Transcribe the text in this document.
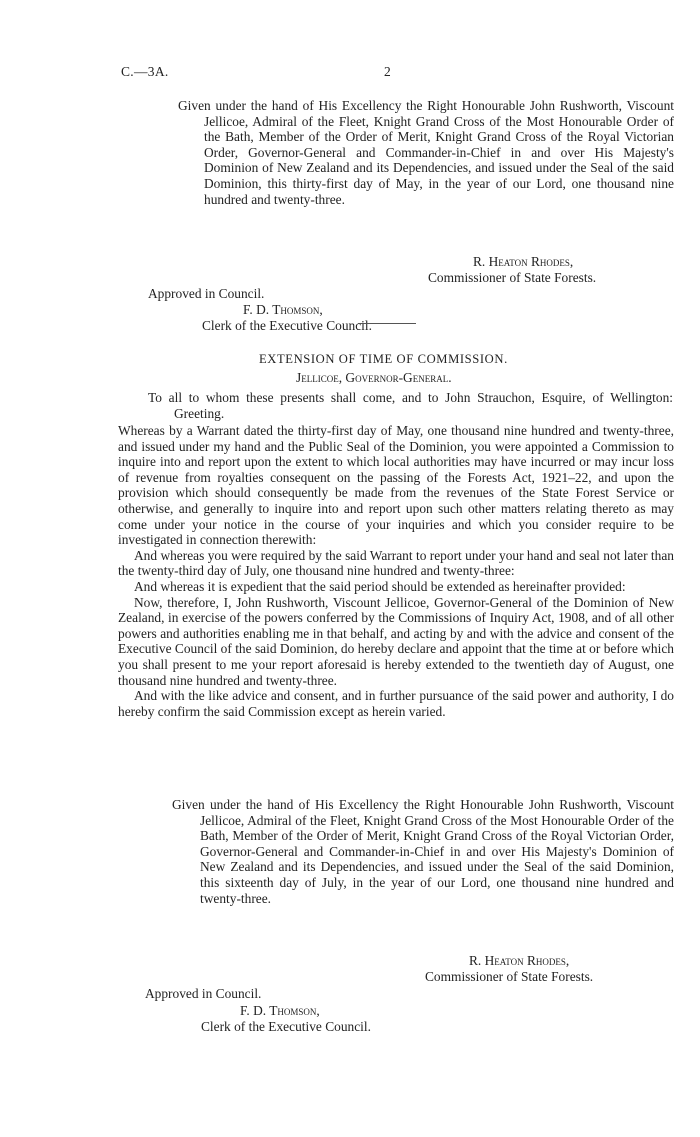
C.—3A.	2
Given under the hand of His Excellency the Right Honourable John Rushworth, Viscount Jellicoe, Admiral of the Fleet, Knight Grand Cross of the Most Honourable Order of the Bath, Member of the Order of Merit, Knight Grand Cross of the Royal Victorian Order, Governor-General and Commander-in-Chief in and over His Majesty's Dominion of New Zealand and its Dependencies, and issued under the Seal of the said Dominion, this thirty-first day of May, in the year of our Lord, one thousand nine hundred and twenty-three.
R. Heaton Rhodes,
Commissioner of State Forests.
Approved in Council.
F. D. Thomson,
Clerk of the Executive Council.
EXTENSION OF TIME OF COMMISSION.
Jellicoe, Governor-General.
To all to whom these presents shall come, and to John Strauchon, Esquire, of Wellington: Greeting.

Whereas by a Warrant dated the thirty-first day of May, one thousand nine hundred and twenty-three, and issued under my hand and the Public Seal of the Dominion, you were appointed a Commission to inquire into and report upon the extent to which local authorities may have incurred or may incur loss of revenue from royalties consequent on the passing of the Forests Act, 1921–22, and upon the provision which should consequently be made from the revenues of the State Forest Service or otherwise, and generally to inquire into and report upon such other matters relating thereto as may come under your notice in the course of your inquiries and which you consider require to be investigated in connection therewith:

And whereas you were required by the said Warrant to report under your hand and seal not later than the twenty-third day of July, one thousand nine hundred and twenty-three:

And whereas it is expedient that the said period should be extended as hereinafter provided:

Now, therefore, I, John Rushworth, Viscount Jellicoe, Governor-General of the Dominion of New Zealand, in exercise of the powers conferred by the Commissions of Inquiry Act, 1908, and of all other powers and authorities enabling me in that behalf, and acting by and with the advice and consent of the Executive Council of the said Dominion, do hereby declare and appoint that the time at or before which you shall present to me your report aforesaid is hereby extended to the twentieth day of August, one thousand nine hundred and twenty-three.

And with the like advice and consent, and in further pursuance of the said power and authority, I do hereby confirm the said Commission except as herein varied.

Given under the hand of His Excellency the Right Honourable John Rushworth, Viscount Jellicoe, Admiral of the Fleet, Knight Grand Cross of the Most Honourable Order of the Bath, Member of the Order of Merit, Knight Grand Cross of the Royal Victorian Order, Governor-General and Commander-in-Chief in and over His Majesty's Dominion of New Zealand and its Dependencies, and issued under the Seal of the said Dominion, this sixteenth day of July, in the year of our Lord, one thousand nine hundred and twenty-three.
R. Heaton Rhodes,
Commissioner of State Forests.
Approved in Council.
F. D. Thomson,
Clerk of the Executive Council.
